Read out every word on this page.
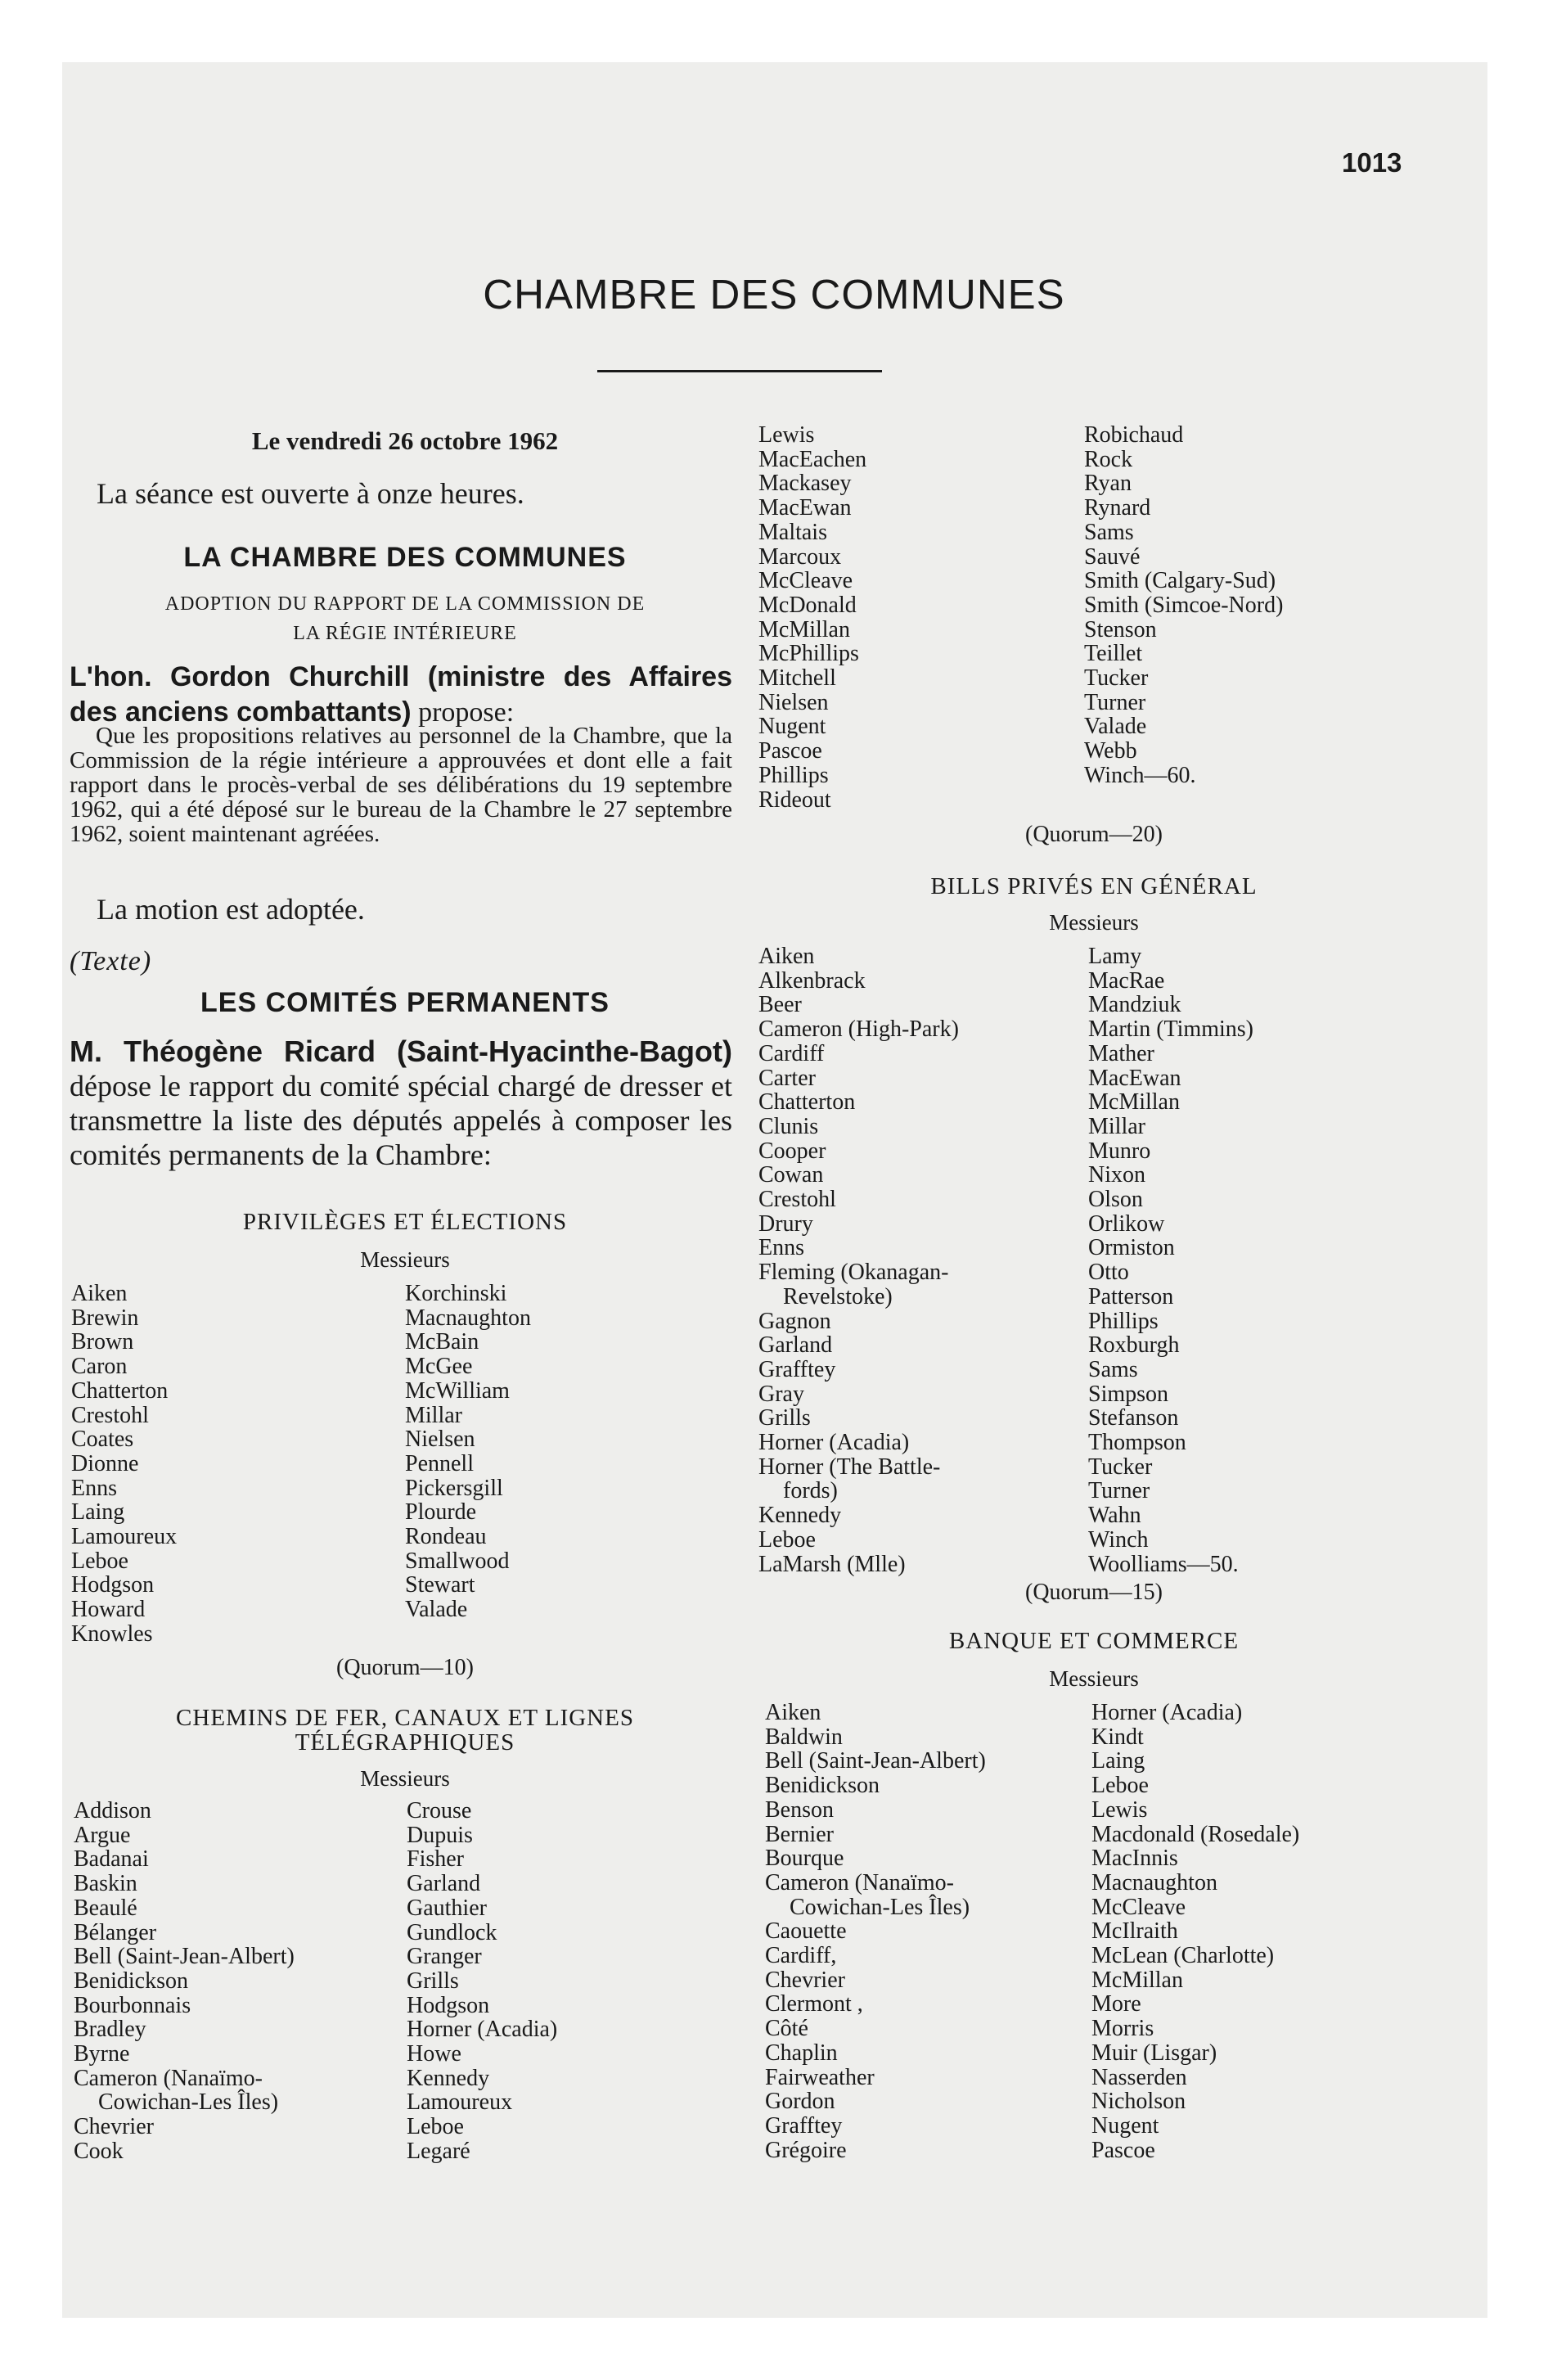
1013
CHAMBRE DES COMMUNES
Le vendredi 26 octobre 1962
La séance est ouverte à onze heures.
LA CHAMBRE DES COMMUNES
ADOPTION DU RAPPORT DE LA COMMISSION DE
LA RÉGIE INTÉRIEURE
L'hon. Gordon Churchill (ministre des Affaires des anciens combattants) propose:
Que les propositions relatives au personnel de la Chambre, que la Commission de la régie intérieure a approuvées et dont elle a fait rapport dans le procès-verbal de ses délibérations du 19 septembre 1962, qui a été déposé sur le bureau de la Chambre le 27 septembre 1962, soient maintenant agréées.
La motion est adoptée.
(Texte)
LES COMITÉS PERMANENTS
M. Théogène Ricard (Saint-Hyacinthe-Bagot) dépose le rapport du comité spécial chargé de dresser et transmettre la liste des députés appelés à composer les comités permanents de la Chambre:
PRIVILÈGES ET ÉLECTIONS
Messieurs
Aiken
Brewin
Brown
Caron
Chatterton
Crestohl
Coates
Dionne
Enns
Laing
Lamoureux
Leboe
Hodgson
Howard
Knowles
Korchinski
Macnaughton
McBain
McGee
McWilliam
Millar
Nielsen
Pennell
Pickersgill
Plourde
Rondeau
Smallwood
Stewart
Valade
(Quorum—10)
CHEMINS DE FER, CANAUX ET LIGNES
TÉLÉGRAPHIQUES
Messieurs
Addison
Argue
Badanai
Baskin
Beaulé
Bélanger
Bell (Saint-Jean-Albert)
Benidickson
Bourbonnais
Bradley
Byrne
Cameron (Nanaïmo-
Cowichan-Les Îles)
Chevrier
Cook
Crouse
Dupuis
Fisher
Garland
Gauthier
Gundlock
Granger
Grills
Hodgson
Horner (Acadia)
Howe
Kennedy
Lamoureux
Leboe
Legaré
Lewis
MacEachen
Mackasey
MacEwan
Maltais
Marcoux
McCleave
McDonald
McMillan
McPhillips
Mitchell
Nielsen
Nugent
Pascoe
Phillips
Rideout
Robichaud
Rock
Ryan
Rynard
Sams
Sauvé
Smith (Calgary-Sud)
Smith (Simcoe-Nord)
Stenson
Teillet
Tucker
Turner
Valade
Webb
Winch—60.
(Quorum—20)
BILLS PRIVÉS EN GÉNÉRAL
Messieurs
Aiken
Alkenbrack
Beer
Cameron (High-Park)
Cardiff
Carter
Chatterton
Clunis
Cooper
Cowan
Crestohl
Drury
Enns
Fleming (Okanagan-
Revelstoke)
Gagnon
Garland
Grafftey
Gray
Grills
Horner (Acadia)
Horner (The Battle-
fords)
Kennedy
Leboe
LaMarsh (Mlle)
Lamy
MacRae
Mandziuk
Martin (Timmins)
Mather
MacEwan
McMillan
Millar
Munro
Nixon
Olson
Orlikow
Ormiston
Otto
Patterson
Phillips
Roxburgh
Sams
Simpson
Stefanson
Thompson
Tucker
Turner
Wahn
Winch
Woolliams—50.
(Quorum—15)
BANQUE ET COMMERCE
Messieurs
Aiken
Baldwin
Bell (Saint-Jean-Albert)
Benidickson
Benson
Bernier
Bourque
Cameron (Nanaïmo-
Cowichan-Les Îles)
Caouette
Cardiff,
Chevrier
Clermont ,
Côté
Chaplin
Fairweather
Gordon
Grafftey
Grégoire
Horner (Acadia)
Kindt
Laing
Leboe
Lewis
Macdonald (Rosedale)
MacInnis
Macnaughton
McCleave
McIlraith
McLean (Charlotte)
McMillan
More
Morris
Muir (Lisgar)
Nasserden
Nicholson
Nugent
Pascoe
